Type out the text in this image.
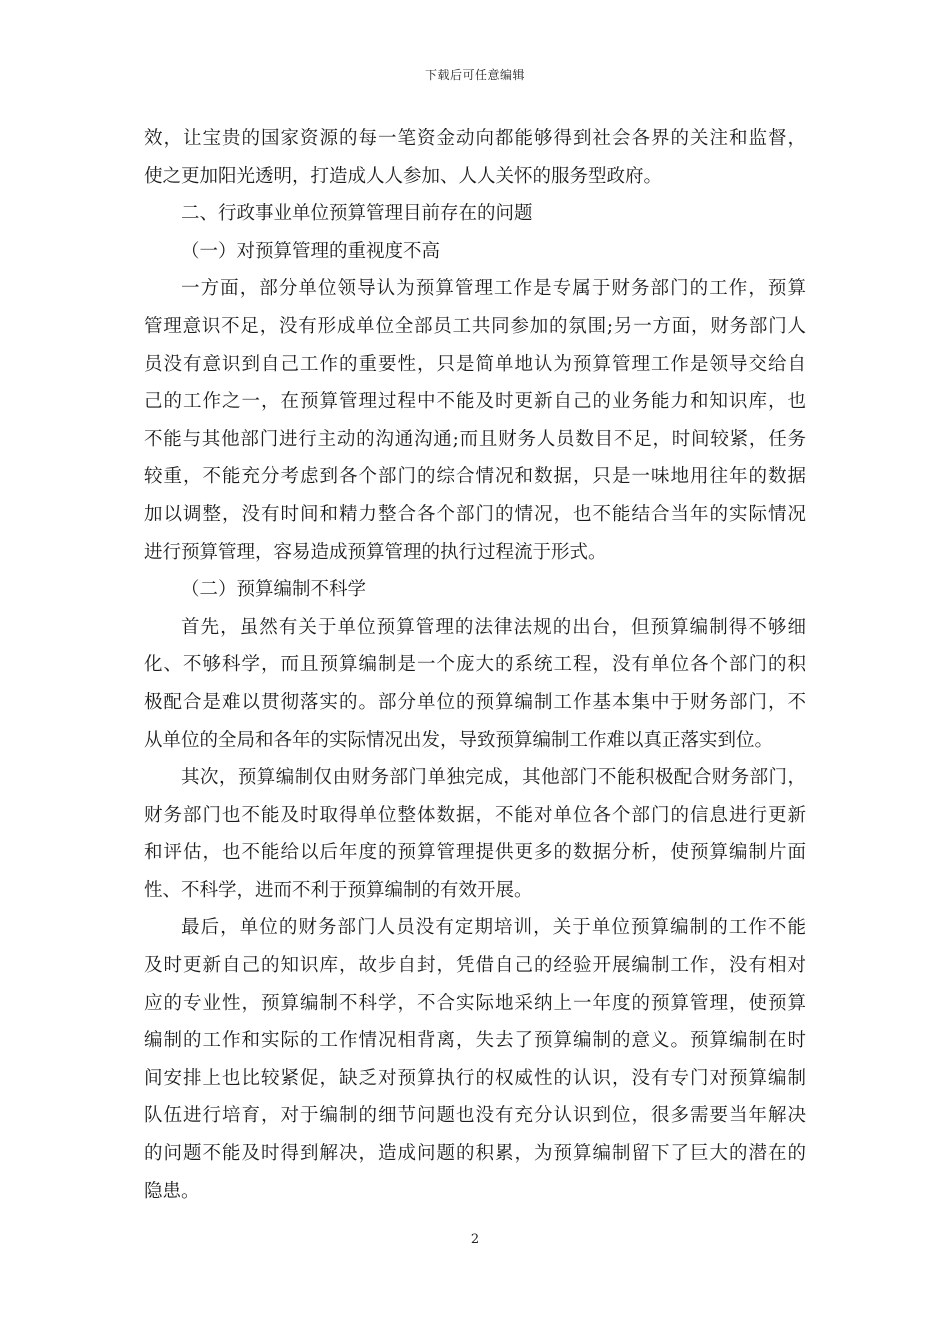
下载后可任意编辑
效，让宝贵的国家资源的每一笔资金动向都能够得到社会各界的关注和监督，
使之更加阳光透明，打造成人人参加、人人关怀的服务型政府。
二、行政事业单位预算管理目前存在的问题
（一）对预算管理的重视度不高
一方面，部分单位领导认为预算管理工作是专属于财务部门的工作，预算
管理意识不足，没有形成单位全部员工共同参加的氛围;另一方面，财务部门人
员没有意识到自己工作的重要性，只是简单地认为预算管理工作是领导交给自
己的工作之一，在预算管理过程中不能及时更新自己的业务能力和知识库，也
不能与其他部门进行主动的沟通沟通;而且财务人员数目不足，时间较紧，任务
较重，不能充分考虑到各个部门的综合情况和数据，只是一味地用往年的数据
加以调整，没有时间和精力整合各个部门的情况，也不能结合当年的实际情况
进行预算管理，容易造成预算管理的执行过程流于形式。
（二）预算编制不科学
首先，虽然有关于单位预算管理的法律法规的出台，但预算编制得不够细
化、不够科学，而且预算编制是一个庞大的系统工程，没有单位各个部门的积
极配合是难以贯彻落实的。部分单位的预算编制工作基本集中于财务部门，不
从单位的全局和各年的实际情况出发，导致预算编制工作难以真正落实到位。
其次，预算编制仅由财务部门单独完成，其他部门不能积极配合财务部门，
财务部门也不能及时取得单位整体数据，不能对单位各个部门的信息进行更新
和评估，也不能给以后年度的预算管理提供更多的数据分析，使预算编制片面
性、不科学，进而不利于预算编制的有效开展。
最后，单位的财务部门人员没有定期培训，关于单位预算编制的工作不能
及时更新自己的知识库，故步自封，凭借自己的经验开展编制工作，没有相对
应的专业性，预算编制不科学，不合实际地采纳上一年度的预算管理，使预算
编制的工作和实际的工作情况相背离，失去了预算编制的意义。预算编制在时
间安排上也比较紧促，缺乏对预算执行的权威性的认识，没有专门对预算编制
队伍进行培育，对于编制的细节问题也没有充分认识到位，很多需要当年解决
的问题不能及时得到解决，造成问题的积累，为预算编制留下了巨大的潜在的
隐患。
2
